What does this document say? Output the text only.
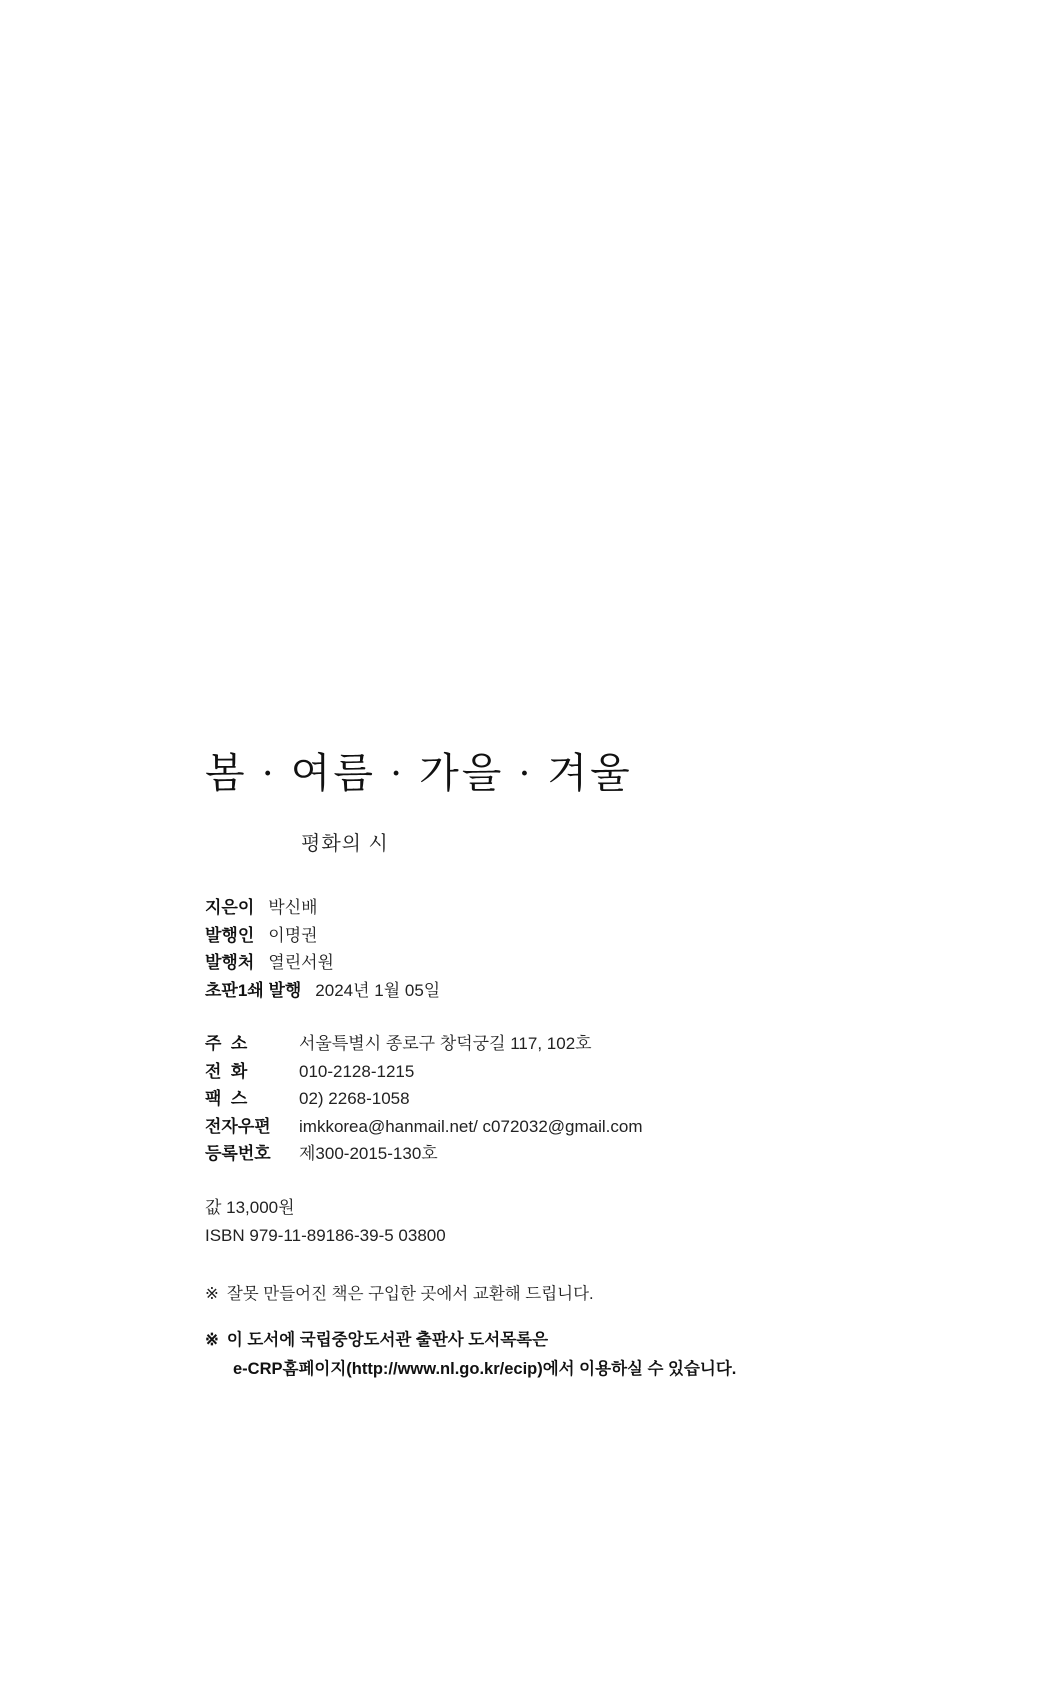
봄 · 여름 · 가을 · 겨울

평화의 시

지은이 박신배
발행인 이명권
발행처 열린서원
초판1쇄 발행 2024년 1월 05일
주  소	서울특별시 종로구 창덕궁길 117, 102호
전  화	010-2128-1215
팩  스	02) 2268-1058
전자우편	imkkorea@hanmail.net/ c072032@gmail.com
등록번호	제300-2015-130호
값 13,000원
ISBN 979-11-89186-39-5 03800
※ 잘못 만들어진 책은 구입한 곳에서 교환해 드립니다.
※ 이 도서에 국립중앙도서관 출판사 도서목록은
e-CRP홈페이지(http://www.nl.go.kr/ecip)에서 이용하실 수 있습니다.
